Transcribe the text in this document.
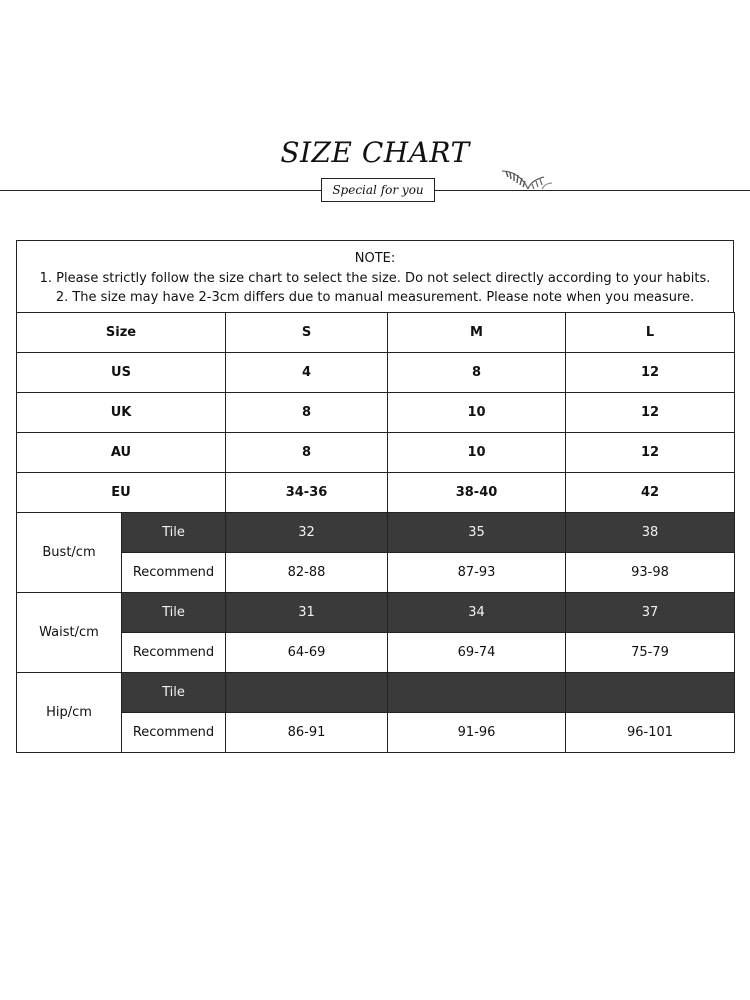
SIZE CHART
Special for you
NOTE:
1. Please strictly follow the size chart to select the size. Do not select directly according to your habits.
2. The size may have 2-3cm differs due to manual measurement. Please note when you measure.
Size		S	M	L
US		4	8	12
UK		8	10	12
AU		8	10	12
EU		34-36	38-40	42
Bust/cm	Tile	32	35	38
	Recommend	82-88	87-93	93-98
Waist/cm	Tile	31	34	37
	Recommend	64-69	69-74	75-79
Hip/cm	Tile			
	Recommend	86-91	91-96	96-101
